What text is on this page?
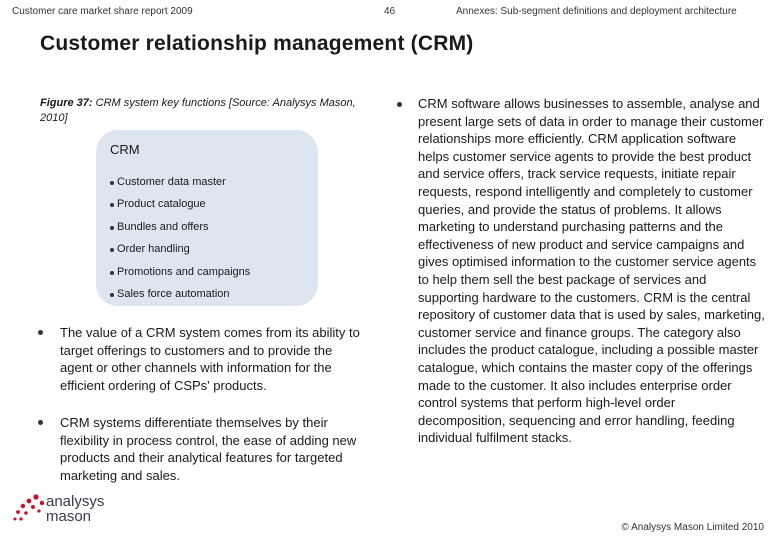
Customer care market share report 2009	46	Annexes: Sub-segment definitions and deployment architecture
Customer relationship management (CRM)
Figure 37: CRM system key functions [Source: Analysys Mason, 2010]
CRM
Customer data master
Product catalogue
Bundles and offers
Order handling
Promotions and campaigns
Sales force automation
The value of a CRM system comes from its ability to target offerings to customers and to provide the agent or other channels with information for the efficient ordering of CSPs' products.
CRM systems differentiate themselves by their flexibility in process control, the ease of adding new products and their analytical features for targeted marketing and sales.
CRM software allows businesses to assemble, analyse and present large sets of data in order to manage their customer relationships more efficiently. CRM application software helps customer service agents to provide the best product and service offers, track service requests, initiate repair requests, respond intelligently and completely to customer queries, and provide the status of problems. It allows marketing to understand purchasing patterns and the effectiveness of new product and service campaigns and gives optimised information to the customer service agents to help them sell the best package of services and supporting hardware to the customers. CRM is the central repository of customer data that is used by sales, marketing, customer service and finance groups. The category also includes the product catalogue, including a possible master catalogue, which contains the master copy of the offerings made to the customer. It also includes enterprise order control systems that perform high-level order decomposition, sequencing and error handling, feeding individual fulfilment stacks.
analysys
mason
© Analysys Mason Limited 2010
